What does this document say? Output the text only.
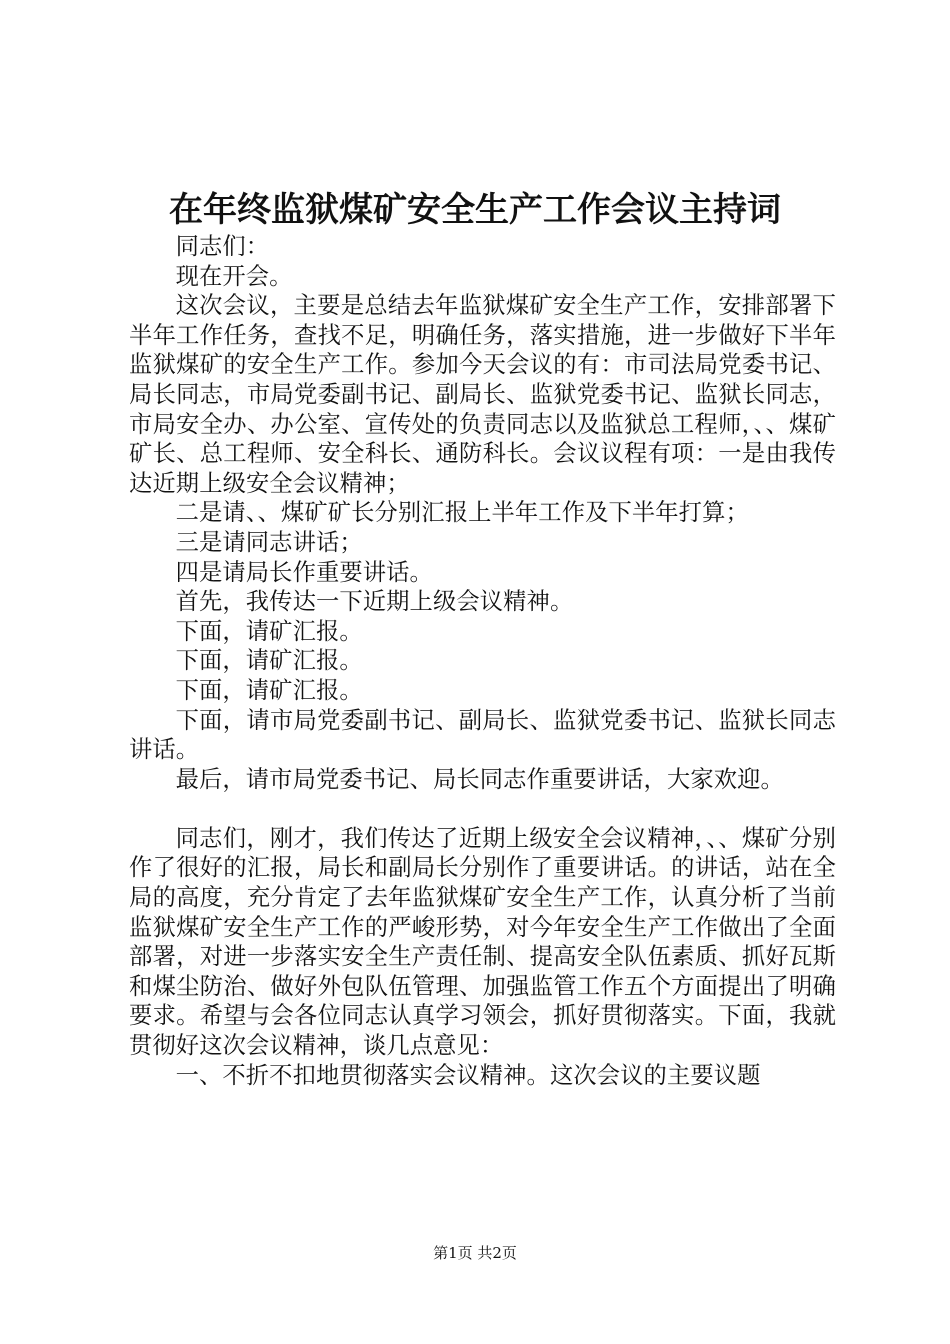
在年终监狱煤矿安全生产工作会议主持词

同志们：

现在开会。

这次会议，主要是总结去年监狱煤矿安全生产工作，安排部署下半年工作任务，查找不足，明确任务，落实措施，进一步做好下半年监狱煤矿的安全生产工作。参加今天会议的有：市司法局党委书记、局长同志，市局党委副书记、副局长、监狱党委书记、监狱长同志，市局安全办、办公室、宣传处的负责同志以及监狱总工程师，、、煤矿矿长、总工程师、安全科长、通防科长。会议议程有项：一是由我传达近期上级安全会议精神；

二是请、、煤矿矿长分别汇报上半年工作及下半年打算；

三是请同志讲话；

四是请局长作重要讲话。

首先，我传达一下近期上级会议精神。

下面，请矿汇报。

下面，请矿汇报。

下面，请矿汇报。

下面，请市局党委副书记、副局长、监狱党委书记、监狱长同志讲话。

最后，请市局党委书记、局长同志作重要讲话，大家欢迎。

同志们，刚才，我们传达了近期上级安全会议精神，、、煤矿分别作了很好的汇报，局长和副局长分别作了重要讲话。的讲话，站在全局的高度，充分肯定了去年监狱煤矿安全生产工作，认真分析了当前监狱煤矿安全生产工作的严峻形势，对今年安全生产工作做出了全面部署，对进一步落实安全生产责任制、提高安全队伍素质、抓好瓦斯和煤尘防治、做好外包队伍管理、加强监管工作五个方面提出了明确要求。希望与会各位同志认真学习领会，抓好贯彻落实。下面，我就贯彻好这次会议精神，谈几点意见：

一、不折不扣地贯彻落实会议精神。这次会议的主要议题

第1页 共2页
